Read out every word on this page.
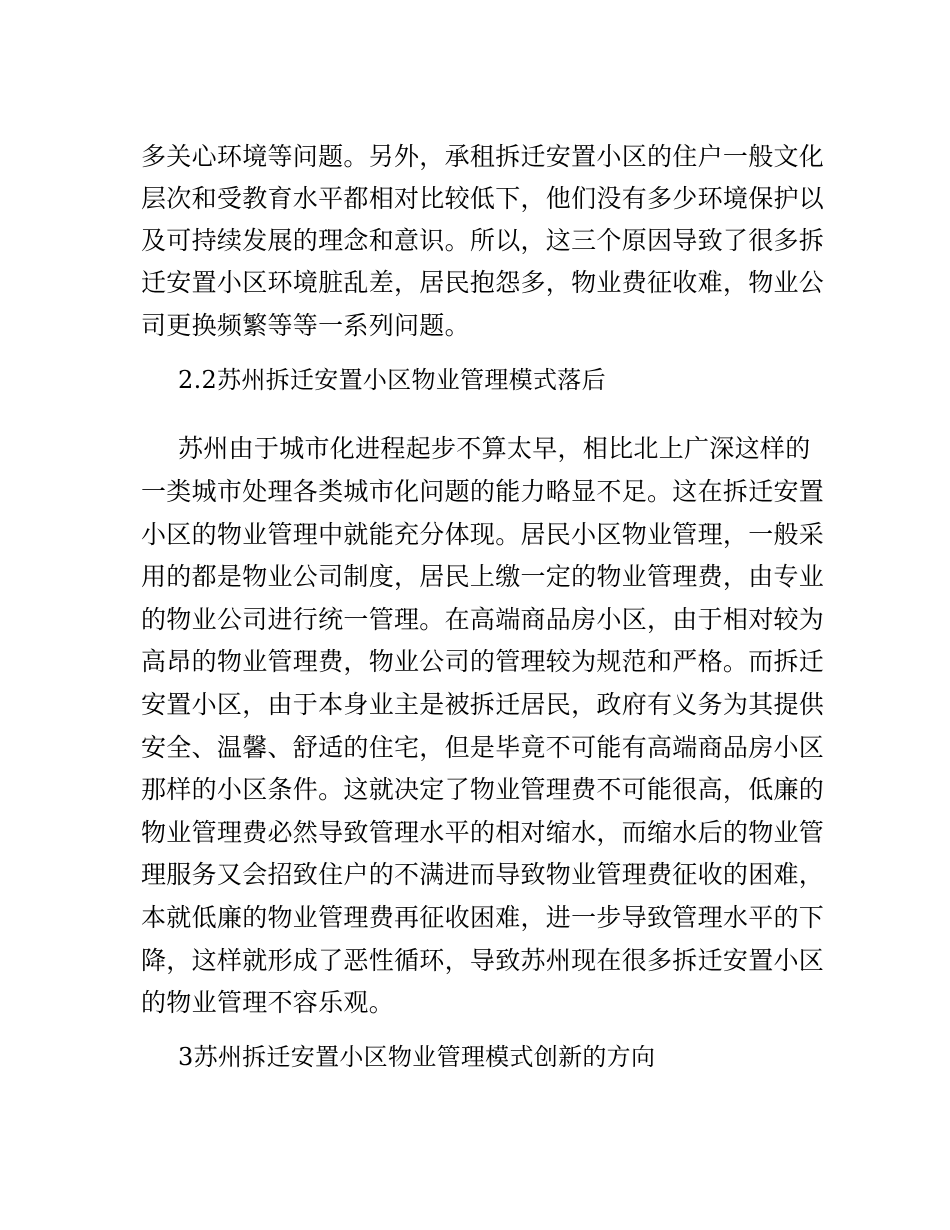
多关心环境等问题。另外，承租拆迁安置小区的住户一般文化
层次和受教育水平都相对比较低下，他们没有多少环境保护以
及可持续发展的理念和意识。所以，这三个原因导致了很多拆
迁安置小区环境脏乱差，居民抱怨多，物业费征收难，物业公
司更换频繁等等一系列问题。
2.2苏州拆迁安置小区物业管理模式落后
苏州由于城市化进程起步不算太早，相比北上广深这样的
一类城市处理各类城市化问题的能力略显不足。这在拆迁安置
小区的物业管理中就能充分体现。居民小区物业管理，一般采
用的都是物业公司制度，居民上缴一定的物业管理费，由专业
的物业公司进行统一管理。在高端商品房小区，由于相对较为
高昂的物业管理费，物业公司的管理较为规范和严格。而拆迁
安置小区，由于本身业主是被拆迁居民，政府有义务为其提供
安全、温馨、舒适的住宅，但是毕竟不可能有高端商品房小区
那样的小区条件。这就决定了物业管理费不可能很高，低廉的
物业管理费必然导致管理水平的相对缩水，而缩水后的物业管
理服务又会招致住户的不满进而导致物业管理费征收的困难，
本就低廉的物业管理费再征收困难，进一步导致管理水平的下
降，这样就形成了恶性循环，导致苏州现在很多拆迁安置小区
的物业管理不容乐观。
3苏州拆迁安置小区物业管理模式创新的方向
